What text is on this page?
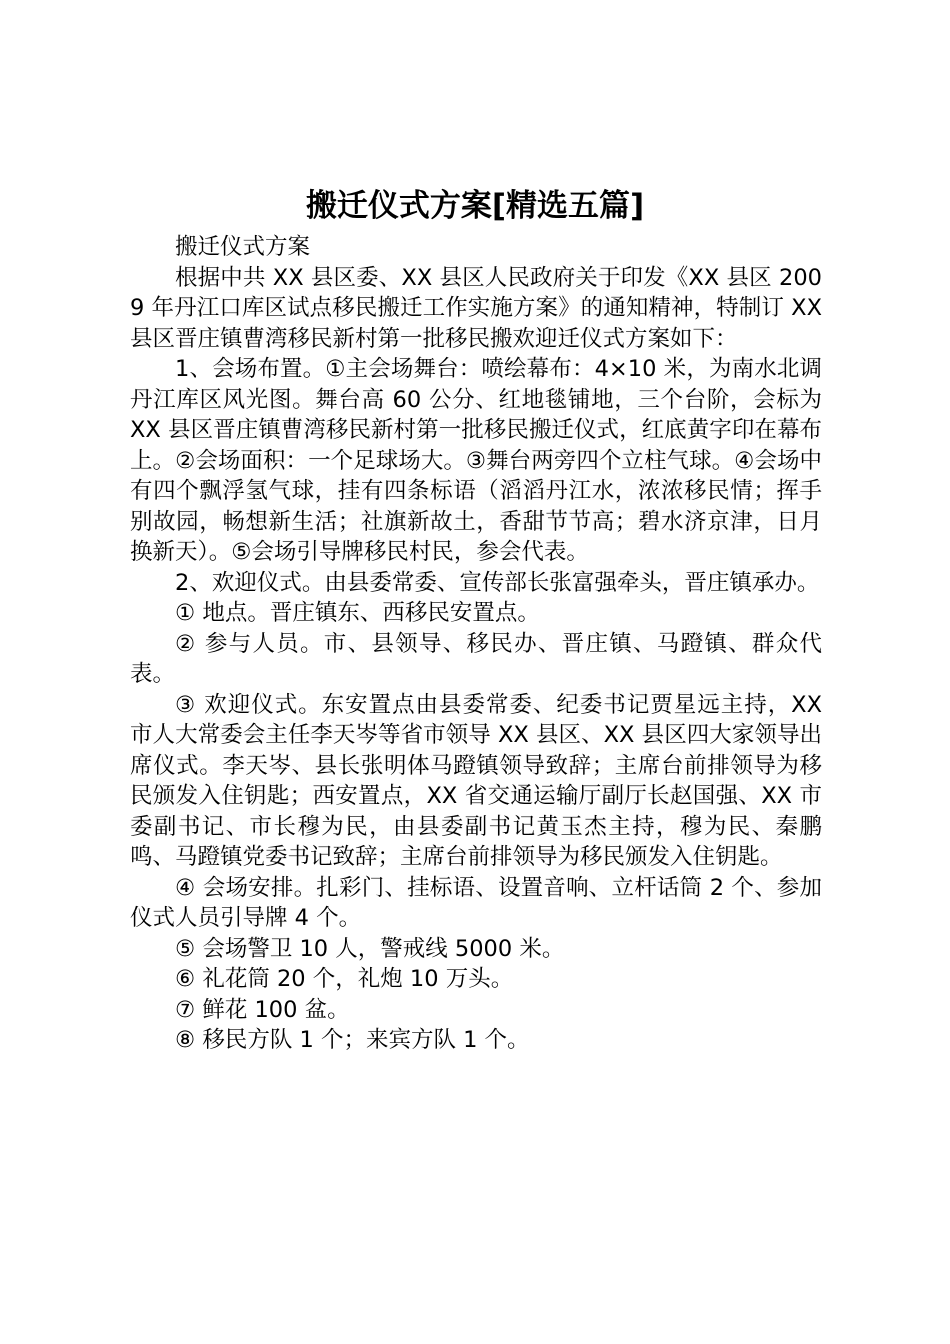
搬迁仪式方案[精选五篇]

搬迁仪式方案

根据中共 XX 县区委、XX 县区人民政府关于印发《XX 县区 2009 年丹江口库区试点移民搬迁工作实施方案》的通知精神，特制订 XX 县区晋庄镇曹湾移民新村第一批移民搬欢迎迁仪式方案如下：

1、会场布置。①主会场舞台：喷绘幕布：4×10 米，为南水北调丹江库区风光图。舞台高 60 公分、红地毯铺地，三个台阶，会标为 XX 县区晋庄镇曹湾移民新村第一批移民搬迁仪式，红底黄字印在幕布上。②会场面积：一个足球场大。③舞台两旁四个立柱气球。④会场中有四个飘浮氢气球，挂有四条标语（滔滔丹江水，浓浓移民情；挥手别故园，畅想新生活；社旗新故土，香甜节节高；碧水济京津，日月换新天）。⑤会场引导牌移民村民，参会代表。

2、欢迎仪式。由县委常委、宣传部长张富强牵头，晋庄镇承办。

① 地点。晋庄镇东、西移民安置点。

② 参与人员。市、县领导、移民办、晋庄镇、马蹬镇、群众代表。

③ 欢迎仪式。东安置点由县委常委、纪委书记贾星远主持，XX 市人大常委会主任李天岑等省市领导 XX 县区、XX 县区四大家领导出席仪式。李天岑、县长张明体马蹬镇领导致辞；主席台前排领导为移民颁发入住钥匙；西安置点，XX 省交通运输厅副厅长赵国强、XX 市委副书记、市长穆为民，由县委副书记黄玉杰主持，穆为民、秦鹏鸣、马蹬镇党委书记致辞；主席台前排领导为移民颁发入住钥匙。

④ 会场安排。扎彩门、挂标语、设置音响、立杆话筒 2 个、参加仪式人员引导牌 4 个。

⑤ 会场警卫 10 人，警戒线 5000 米。

⑥ 礼花筒 20 个，礼炮 10 万头。

⑦ 鲜花 100 盆。

⑧ 移民方队 1 个；来宾方队 1 个。
